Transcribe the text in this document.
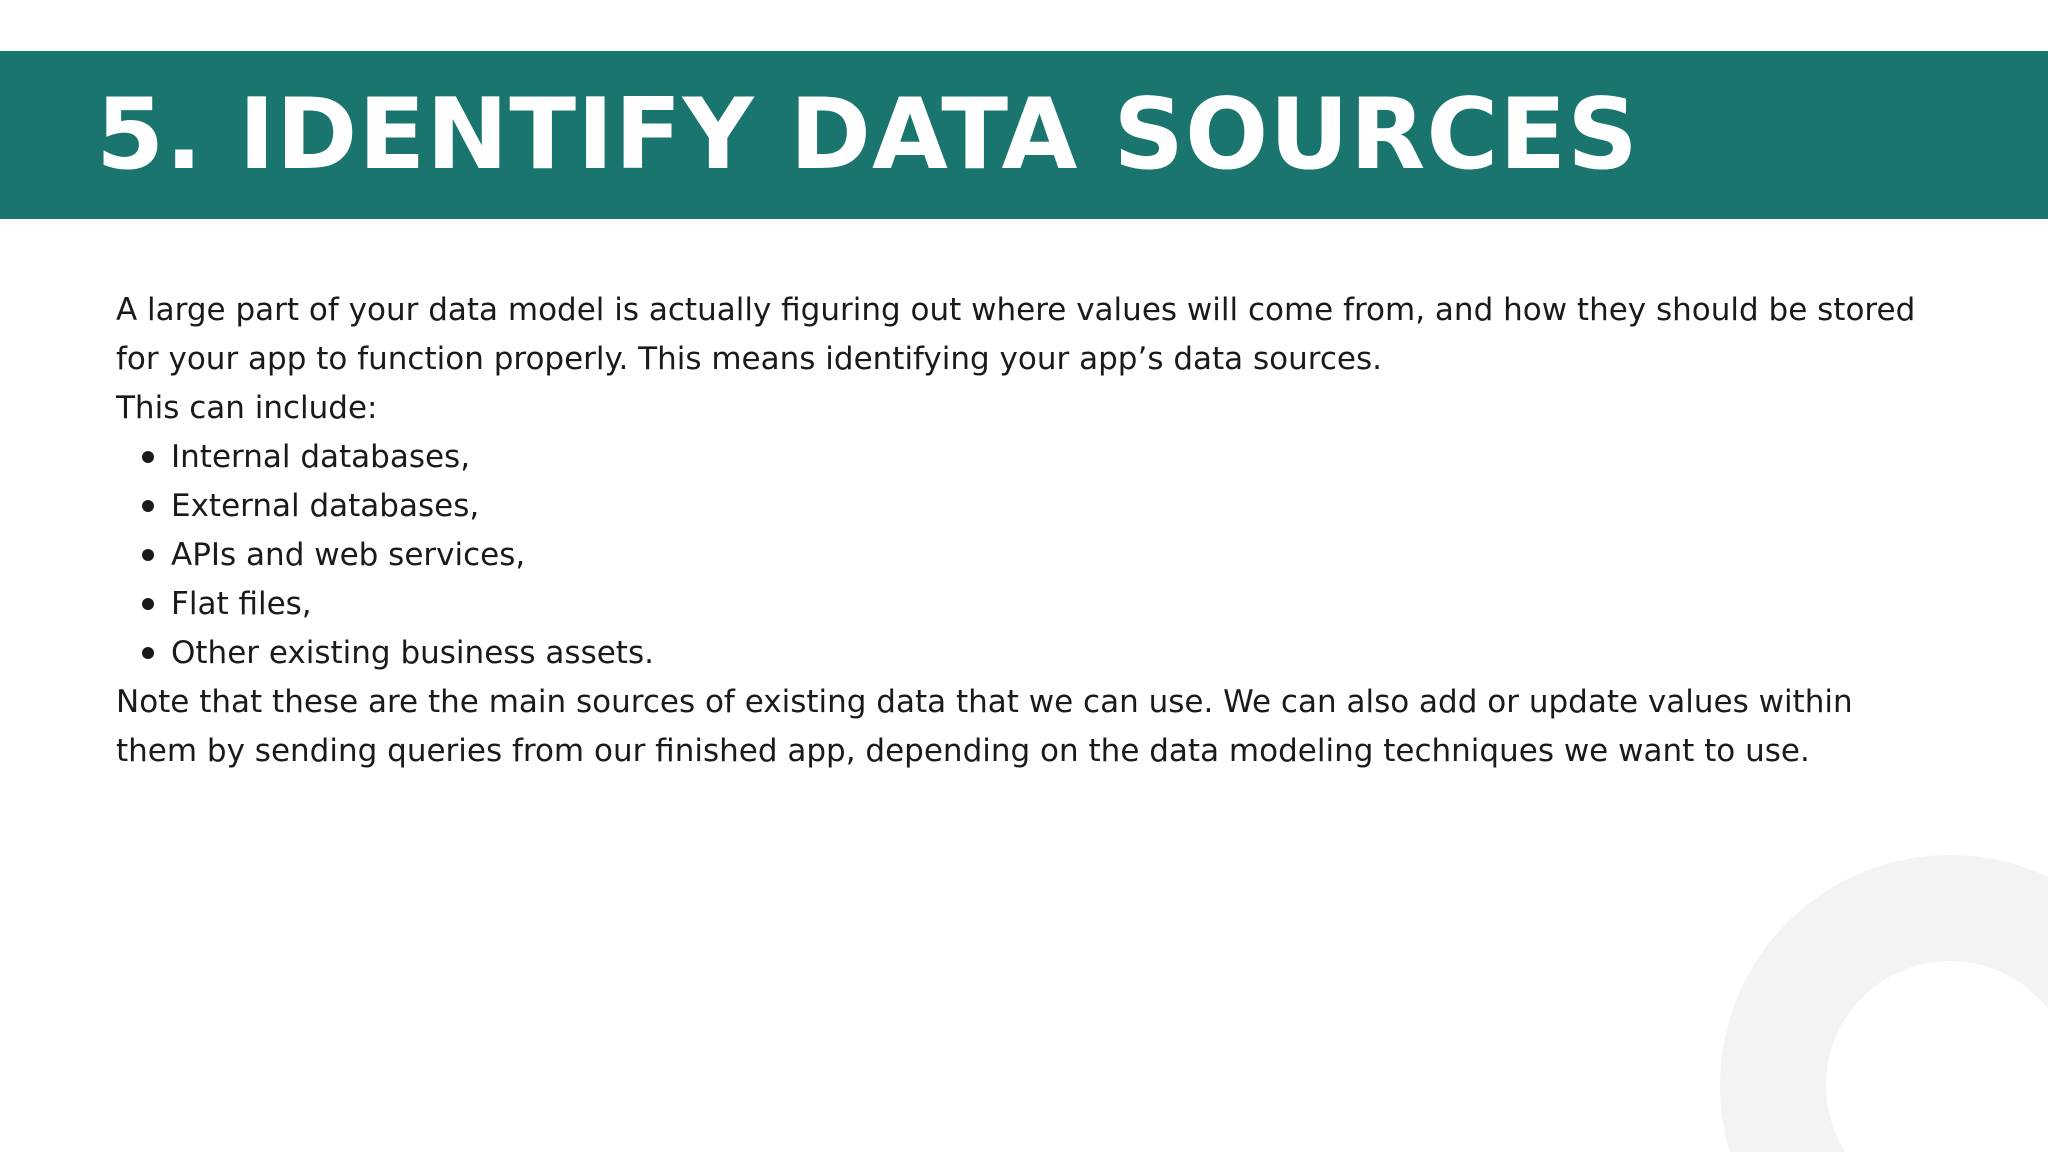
5. IDENTIFY DATA SOURCES

A large part of your data model is actually figuring out where values will come from, and how they should be stored for your app to function properly. This means identifying your app’s data sources.

This can include:

Internal databases,
External databases,
APIs and web services,
Flat files,
Other existing business assets.

Note that these are the main sources of existing data that we can use. We can also add or update values within them by sending queries from our finished app, depending on the data modeling techniques we want to use.
